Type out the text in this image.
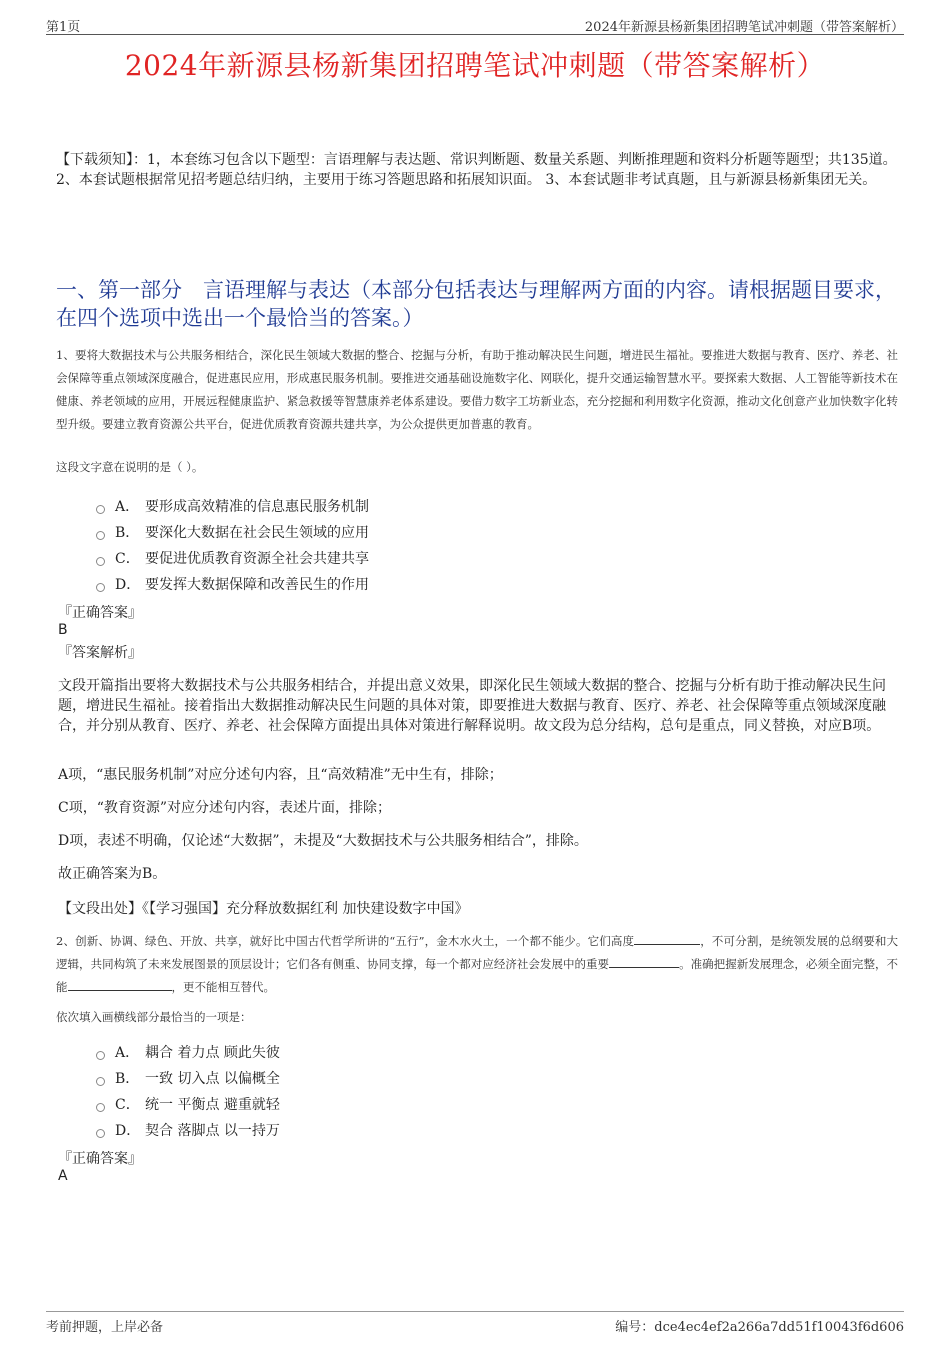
第1页	2024年新源县杨新集团招聘笔试冲刺题（带答案解析）
2024年新源县杨新集团招聘笔试冲刺题（带答案解析）
【下载须知】：1，本套练习包含以下题型：言语理解与表达题、常识判断题、数量关系题、判断推理题和资料分析题等题型；共135道。 2、本套试题根据常见招考题总结归纳，主要用于练习答题思路和拓展知识面。 3、本套试题非考试真题，且与新源县杨新集团无关。
一、第一部分　言语理解与表达（本部分包括表达与理解两方面的内容。请根据题目要求，在四个选项中选出一个最恰当的答案。）
1、要将大数据技术与公共服务相结合，深化民生领域大数据的整合、挖掘与分析，有助于推动解决民生问题，增进民生福祉。要推进大数据与教育、医疗、养老、社会保障等重点领域深度融合，促进惠民应用，形成惠民服务机制。要推进交通基础设施数字化、网联化，提升交通运输智慧水平。要探索大数据、人工智能等新技术在健康、养老领域的应用，开展远程健康监护、紧急救援等智慧康养老体系建设。要借力数字工坊新业态，充分挖掘和利用数字化资源，推动文化创意产业加快数字化转型升级。要建立教育资源公共平台，促进优质教育资源共建共享，为公众提供更加普惠的教育。
这段文字意在说明的是（ ）。
A． 要形成高效精准的信息惠民服务机制
B． 要深化大数据在社会民生领域的应用
C． 要促进优质教育资源全社会共建共享
D． 要发挥大数据保障和改善民生的作用
『正确答案』
B
『答案解析』
文段开篇指出要将大数据技术与公共服务相结合，并提出意义效果，即深化民生领域大数据的整合、挖掘与分析有助于推动解决民生问题，增进民生福祉。接着指出大数据推动解决民生问题的具体对策，即要推进大数据与教育、医疗、养老、社会保障等重点领域深度融合，并分别从教育、医疗、养老、社会保障方面提出具体对策进行解释说明。故文段为总分结构，总句是重点，同义替换，对应B项。
A项，“惠民服务机制”对应分述句内容，且“高效精准”无中生有，排除；
C项，“教育资源”对应分述句内容，表述片面，排除；
D项，表述不明确，仅论述“大数据”，未提及“大数据技术与公共服务相结合”，排除。
故正确答案为B。
【文段出处】《【学习强国】充分释放数据红利 加快建设数字中国》
2、创新、协调、绿色、开放、共享，就好比中国古代哲学所讲的“五行”，金木水火土，一个都不能少。它们高度	，不可分割，是统领发展的总纲要和大逻辑，共同构筑了未来发展图景的顶层设计；它们各有侧重、协同支撑，每一个都对应经济社会发展中的重要	。准确把握新发展理念，必须全面完整，不能	，更不能相互替代。
依次填入画横线部分最恰当的一项是：
A． 耦合 着力点 顾此失彼
B． 一致 切入点 以偏概全
C． 统一 平衡点 避重就轻
D． 契合 落脚点 以一持万
『正确答案』
A
考前押题，上岸必备	编号：dce4ec4ef2a266a7dd51f10043f6d606
